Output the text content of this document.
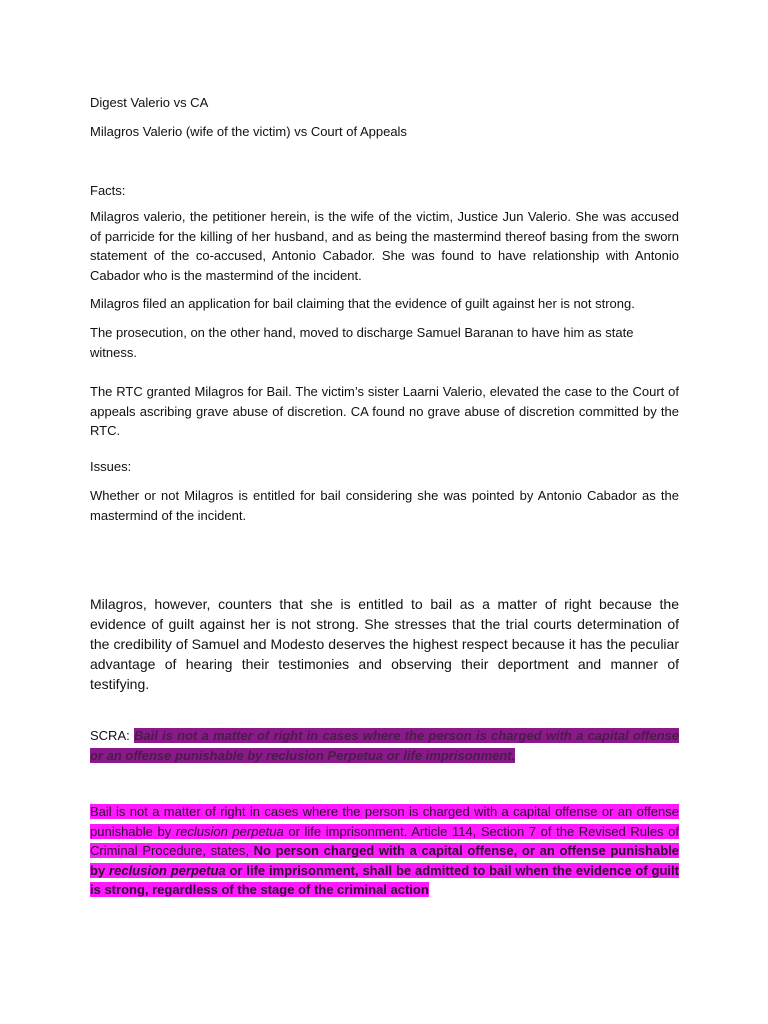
Digest Valerio vs CA

Milagros Valerio (wife of the victim) vs Court of Appeals

Facts:

Milagros valerio, the petitioner herein, is the wife of the victim, Justice Jun Valerio. She was accused of parricide for the killing of her husband, and as being the mastermind thereof basing from the sworn statement of the co-accused, Antonio Cabador. She was found to have relationship with Antonio Cabador who is the mastermind of the incident.

Milagros filed an application for bail claiming that the evidence of guilt against her is not strong.

The prosecution, on the other hand, moved to discharge Samuel Baranan to have him as state witness.

The RTC granted Milagros for Bail. The victim’s sister Laarni Valerio, elevated the case to the Court of appeals ascribing grave abuse of discretion. CA found no grave abuse of discretion committed by the RTC.

Issues:

Whether or not Milagros is entitled for bail considering she was pointed by Antonio Cabador as the mastermind of the incident.

Milagros, however, counters that she is entitled to bail as a matter of right because the evidence of guilt against her is not strong. She stresses that the trial courts determination of the credibility of Samuel and Modesto deserves the highest respect because it has the peculiar advantage of hearing their testimonies and observing their deportment and manner of testifying.

SCRA: Bail is not a matter of right in cases where the person is charged with a capital offense or an offense punishable by reclusion Perpetua or life imprisonment.

Bail is not a matter of right in cases where the person is charged with a capital offense or an offense punishable by reclusion perpetua or life imprisonment. Article 114, Section 7 of the Revised Rules of Criminal Procedure, states, No person charged with a capital offense, or an offense punishable by reclusion perpetua or life imprisonment, shall be admitted to bail when the evidence of guilt is strong, regardless of the stage of the criminal action
